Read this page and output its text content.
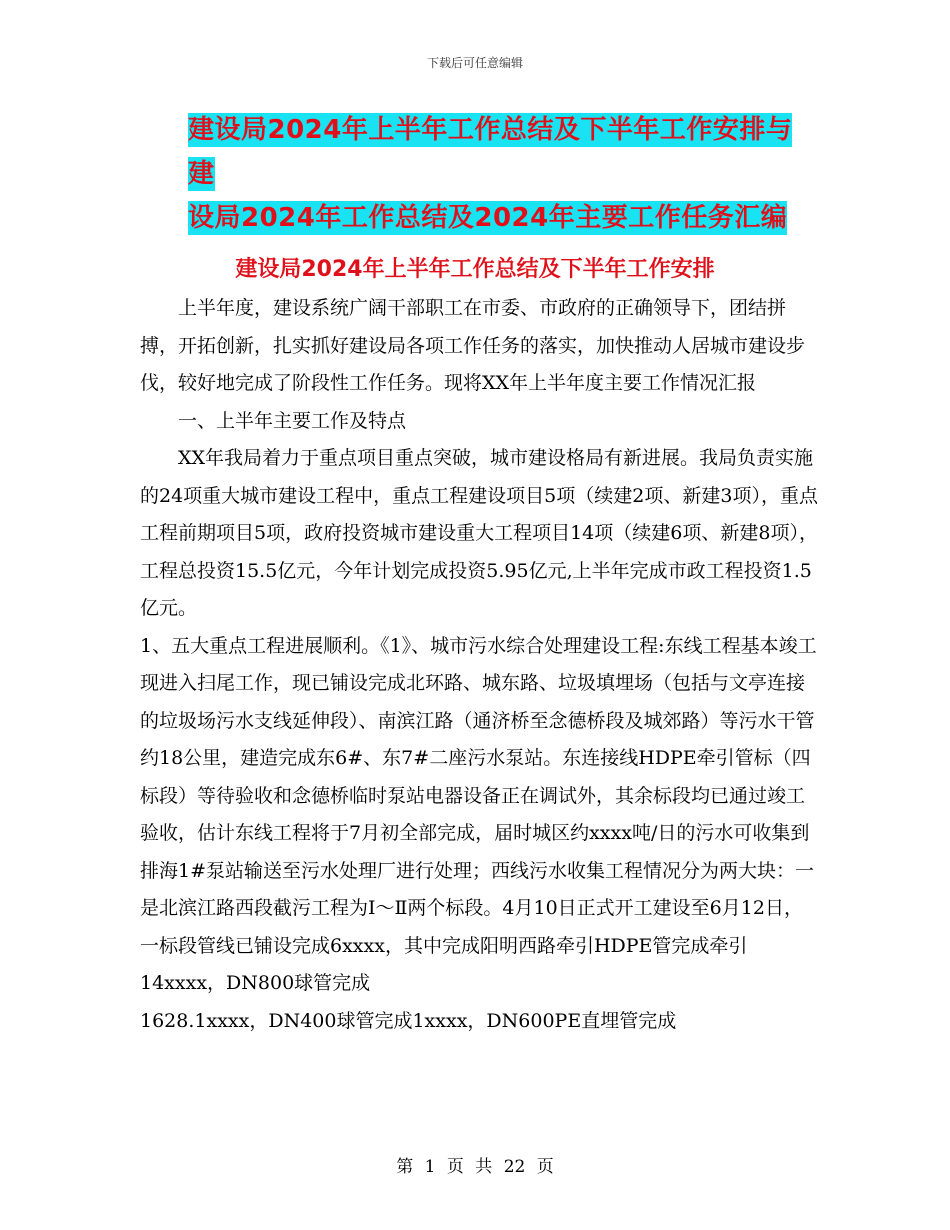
下载后可任意编辑
建设局2024年上半年工作总结及下半年工作安排与建
设局2024年工作总结及2024年主要工作任务汇编
建设局2024年上半年工作总结及下半年工作安排

上半年度，建设系统广阔干部职工在市委、市政府的正确领导下，团结拼搏，开拓创新，扎实抓好建设局各项工作任务的落实，加快推动人居城市建设步伐，较好地完成了阶段性工作任务。现将XX年上半年度主要工作情况汇报

一、上半年主要工作及特点

XX年我局着力于重点项目重点突破，城市建设格局有新进展。我局负责实施的24项重大城市建设工程中，重点工程建设项目5项（续建2项、新建3项），重点工程前期项目5项，政府投资城市建设重大工程项目14项（续建6项、新建8项），工程总投资15.5亿元，今年计划完成投资5.95亿元,上半年完成市政工程投资1.5亿元。

1、五大重点工程进展顺利。《1》、城市污水综合处理建设工程:东线工程基本竣工现进入扫尾工作，现已铺设完成北环路、城东路、垃圾填埋场（包括与文亭连接的垃圾场污水支线延伸段）、南滨江路（通济桥至念德桥段及城郊路）等污水干管约18公里，建造完成东6#、东7#二座污水泵站。东连接线HDPE牵引管标（四标段）等待验收和念德桥临时泵站电器设备正在调试外，其余标段均已通过竣工验收，估计东线工程将于7月初全部完成，届时城区约xxxx吨/日的污水可收集到排海1#泵站输送至污水处理厂进行处理；西线污水收集工程情况分为两大块：一是北滨江路西段截污工程为Ⅰ～Ⅱ两个标段。4月10日正式开工建设至6月12日，一标段管线已铺设完成6xxxx，其中完成阳明西路牵引HDPE管完成牵引14xxxx，DN800球管完成

1628.1xxxx，DN400球管完成1xxxx，DN600PE直埋管完成

第 1 页 共 22 页
